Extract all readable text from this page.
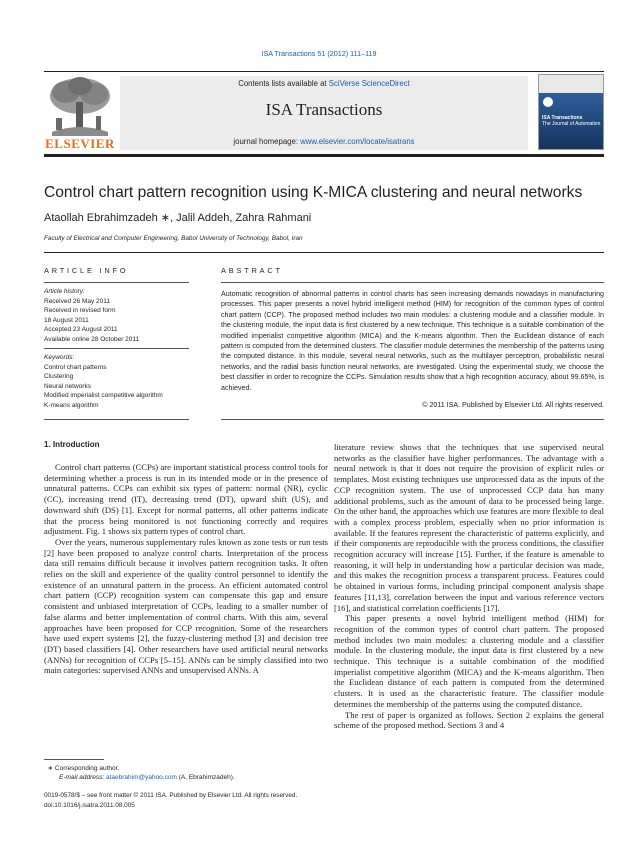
ISA Transactions 51 (2012) 111–119
ELSEVIER
Contents lists available at SciVerse ScienceDirect
ISA Transactions
journal homepage: www.elsevier.com/locate/isatrans
ISA Transactions
The Journal of Automation
Control chart pattern recognition using K-MICA clustering and neural networks
Ataollah Ebrahimzadeh ∗, Jalil Addeh, Zahra Rahmani
Faculty of Electrical and Computer Engineering, Babol University of Technology, Babol, Iran
ARTICLE INFO
Article history:
Received 26 May 2011
Received in revised form
18 August 2011
Accepted 23 August 2011
Available online 28 October 2011
Keywords:
Control chart patterns
Clustering
Neural networks
Modified imperialist competitive algorithm
K-means algorithm
ABSTRACT
Automatic recognition of abnormal patterns in control charts has seen increasing demands nowadays in manufacturing processes. This paper presents a novel hybrid intelligent method (HIM) for recognition of the common types of control chart pattern (CCP). The proposed method includes two main modules: a clustering module and a classifier module. In the clustering module, the input data is first clustered by a new technique. This technique is a suitable combination of the modified imperialist competitive algorithm (MICA) and the K-means algorithm. Then the Euclidean distance of each pattern is computed from the determined clusters. The classifier module determines the membership of the patterns using the computed distance. In this module, several neural networks, such as the multilayer perceptron, probabilistic neural networks, and the radial basis function neural networks, are investigated. Using the experimental study, we choose the best classifier in order to recognize the CCPs. Simulation results show that a high recognition accuracy, about 99.65%, is achieved.
© 2011 ISA. Published by Elsevier Ltd. All rights reserved.
1. Introduction

Control chart patterns (CCPs) are important statistical process control tools for determining whether a process is run in its intended mode or in the presence of unnatural patterns. CCPs can exhibit six types of pattern: normal (NR), cyclic (CC), increasing trend (IT), decreasing trend (DT), upward shift (US), and downward shift (DS) [1]. Except for normal patterns, all other patterns indicate that the process being monitored is not functioning correctly and requires adjustment. Fig. 1 shows six pattern types of control chart.

Over the years, numerous supplementary rules known as zone tests or run tests [2] have been proposed to analyze control charts. Interpretation of the process data still remains difficult because it involves pattern recognition tasks. It often relies on the skill and experience of the quality control personnel to identify the existence of an unnatural pattern in the process. An efficient automated control chart pattern (CCP) recognition system can compensate this gap and ensure consistent and unbiased interpretation of CCPs, leading to a smaller number of false alarms and better implementation of control charts. With this aim, several approaches have been proposed for CCP recognition. Some of the researchers have used expert systems [2], the fuzzy-clustering method [3] and decision tree (DT) based classifiers [4]. Other researchers have used artificial neural networks (ANNs) for recognition of CCPs [5–15]. ANNs can be simply classified into two main categories: supervised ANNs and unsupervised ANNs. A

literature review shows that the techniques that use supervised neural networks as the classifier have higher performances. The advantage with a neural network is that it does not require the provision of explicit rules or templates. Most existing techniques use unprocessed data as the inputs of the CCP recognition system. The use of unprocessed CCP data has many additional problems, such as the amount of data to be processed being large. On the other hand, the approaches which use features are more flexible to deal with a complex process problem, especially when no prior information is available. If the features represent the characteristic of patterns explicitly, and if their components are reproducible with the process conditions, the classifier recognition accuracy will increase [15]. Further, if the feature is amenable to reasoning, it will help in understanding how a particular decision was made, and this makes the recognition process a transparent process. Features could be obtained in various forms, including principal component analysis shape features [11,13], correlation between the input and various reference vectors [16], and statistical correlation coefficients [17].

This paper presents a novel hybrid intelligent method (HIM) for recognition of the common types of control chart pattern. The proposed method includes two main modules: a clustering module and a classifier module. In the clustering module, the input data is first clustered by a new technique. This technique is a suitable combination of the modified imperialist competitive algorithm (MICA) and the K-means algorithm. Then the Euclidean distance of each pattern is computed from the determined clusters. It is used as the characteristic feature. The classifier module determines the membership of the patterns using the computed distance.

The rest of paper is organized as follows. Section 2 explains the general scheme of the proposed method. Sections 3 and 4

∗ Corresponding author.
E-mail address: ataebrahim@yahoo.com (A. Ebrahimzadeh).
0019-0578/$ – see front matter © 2011 ISA. Published by Elsevier Ltd. All rights reserved.
doi:10.1016/j.isatra.2011.08.005
